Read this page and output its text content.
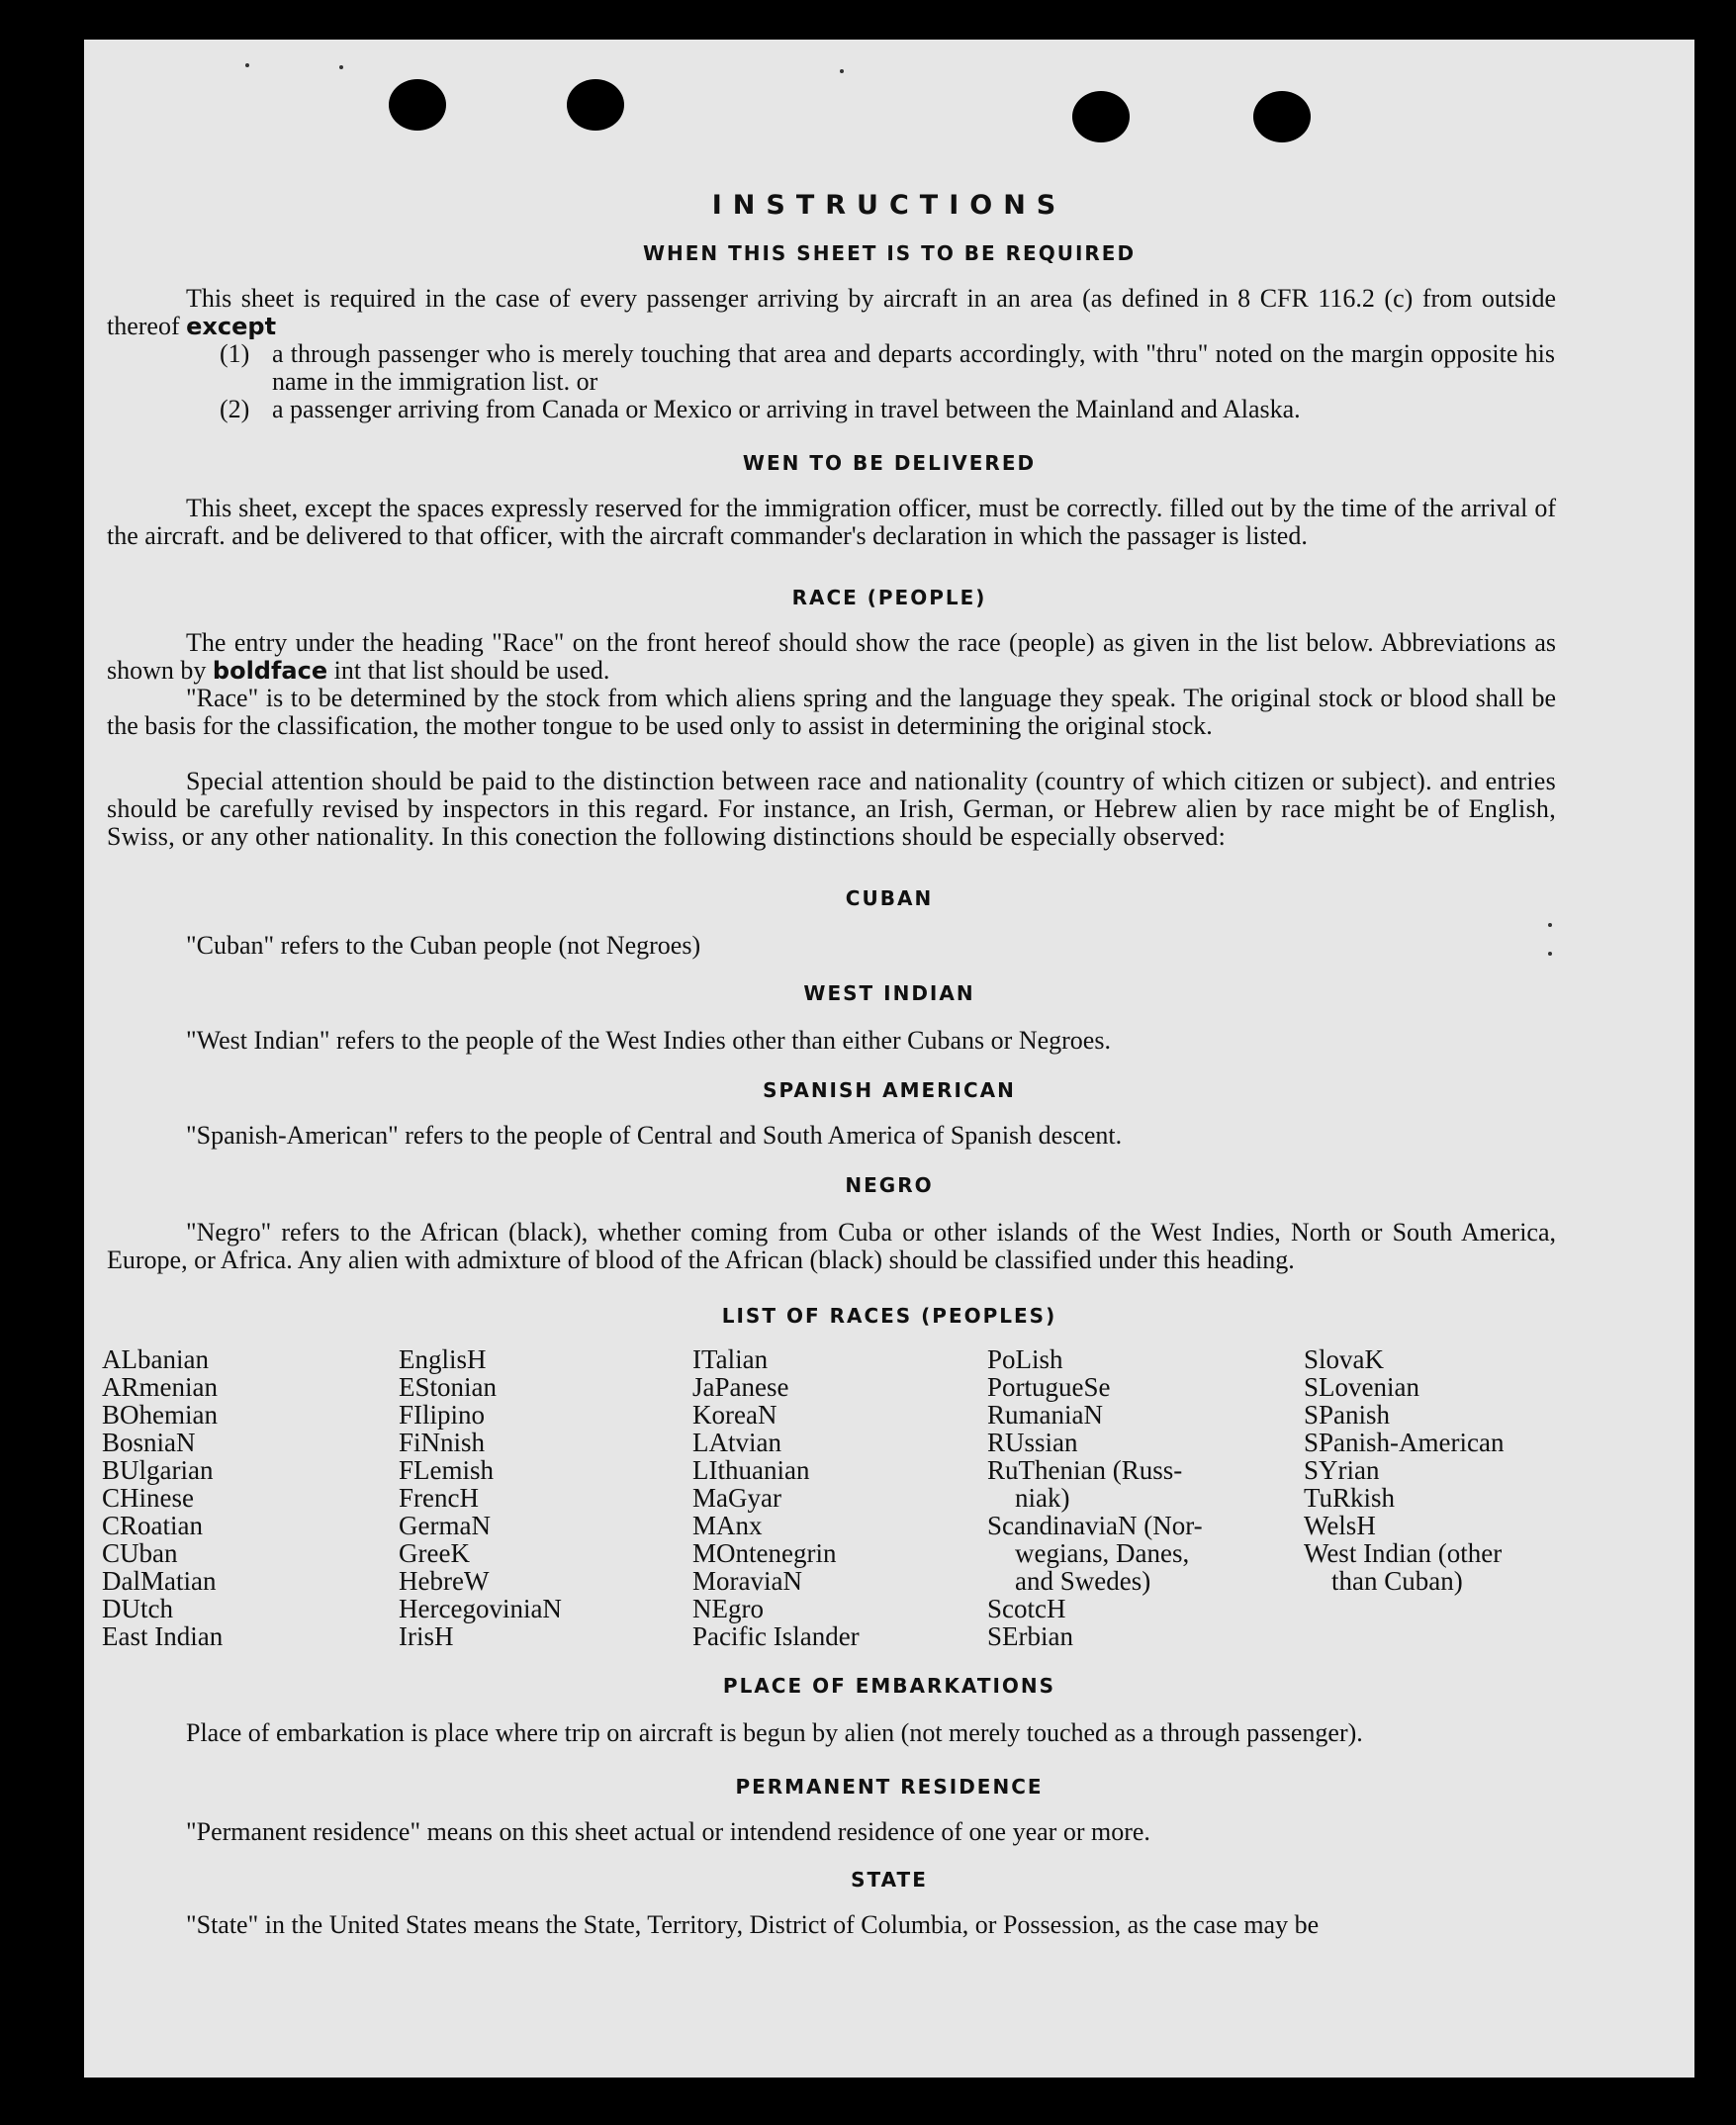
INSTRUCTIONS
WHEN THIS SHEET IS TO BE REQUIRED

This sheet is required in the case of every passenger arriving by aircraft in an area (as defined in 8 CFR 116.2 (c) from outside thereof except

(1) a through passenger who is merely touching that area and departs accordingly, with "thru" noted on the margin opposite his name in the immigration list. or
(2) a passenger arriving from Canada or Mexico or arriving in travel between the Mainland and Alaska.
WEN TO BE DELIVERED

This sheet, except the spaces expressly reserved for the immigration officer, must be correctly. filled out by the time of the arrival of the aircraft. and be delivered to that officer, with the aircraft commander's declaration in which the passager is listed.

RACE (PEOPLE)

The entry under the heading "Race" on the front hereof should show the race (people) as given in the list below. Abbreviations as shown by boldface int that list should be used.

"Race" is to be determined by the stock from which aliens spring and the language they speak. The original stock or blood shall be the basis for the classification, the mother tongue to be used only to assist in determining the original stock.

Special attention should be paid to the distinction between race and nationality (country of which citizen or subject). and entries should be carefully revised by inspectors in this regard. For instance, an Irish, German, or Hebrew alien by race might be of English, Swiss, or any other nationality. In this conection the following distinctions should be especially observed:

CUBAN

"Cuban" refers to the Cuban people (not Negroes)

WEST INDIAN

"West Indian" refers to the people of the West Indies other than either Cubans or Negroes.

SPANISH AMERICAN

"Spanish-American" refers to the people of Central and South America of Spanish descent.

NEGRO

"Negro" refers to the African (black), whether coming from Cuba or other islands of the West Indies, North or South America, Europe, or Africa. Any alien with admixture of blood of the African (black) should be classified under this heading.

LIST OF RACES (PEOPLES)
ALbanian
ARmenian
BOhemian
BosniaN
BUlgarian
CHinese
CRoatian
CUban
DalMatian
DUtch
East Indian
EnglisH
EStonian
FIlipino
FiNnish
FLemish
FrencH
GermaN
GreeK
HebreW
HercegoviniaN
IrisH
ITalian
JaPanese
KoreaN
LAtvian
LIthuanian
MaGyar
MAnx
MOntenegrin
MoraviaN
NEgro
Pacific Islander
PoLish
PortugueSe
RumaniaN
RUssian
RuThenian (Russ-
niak)
ScandinaviaN (Nor-
wegians, Danes,
and Swedes)
ScotcH
SErbian
SlovaK
SLovenian
SPanish
SPanish-American
SYrian
TuRkish
WelsH
West Indian (other
than Cuban)
PLACE OF EMBARKATIONS

Place of embarkation is place where trip on aircraft is begun by alien (not merely touched as a through passenger).

PERMANENT RESIDENCE

"Permanent residence" means on this sheet actual or intendend residence of one year or more.

STATE

"State" in the United States means the State, Territory, District of Columbia, or Possession, as the case may be
